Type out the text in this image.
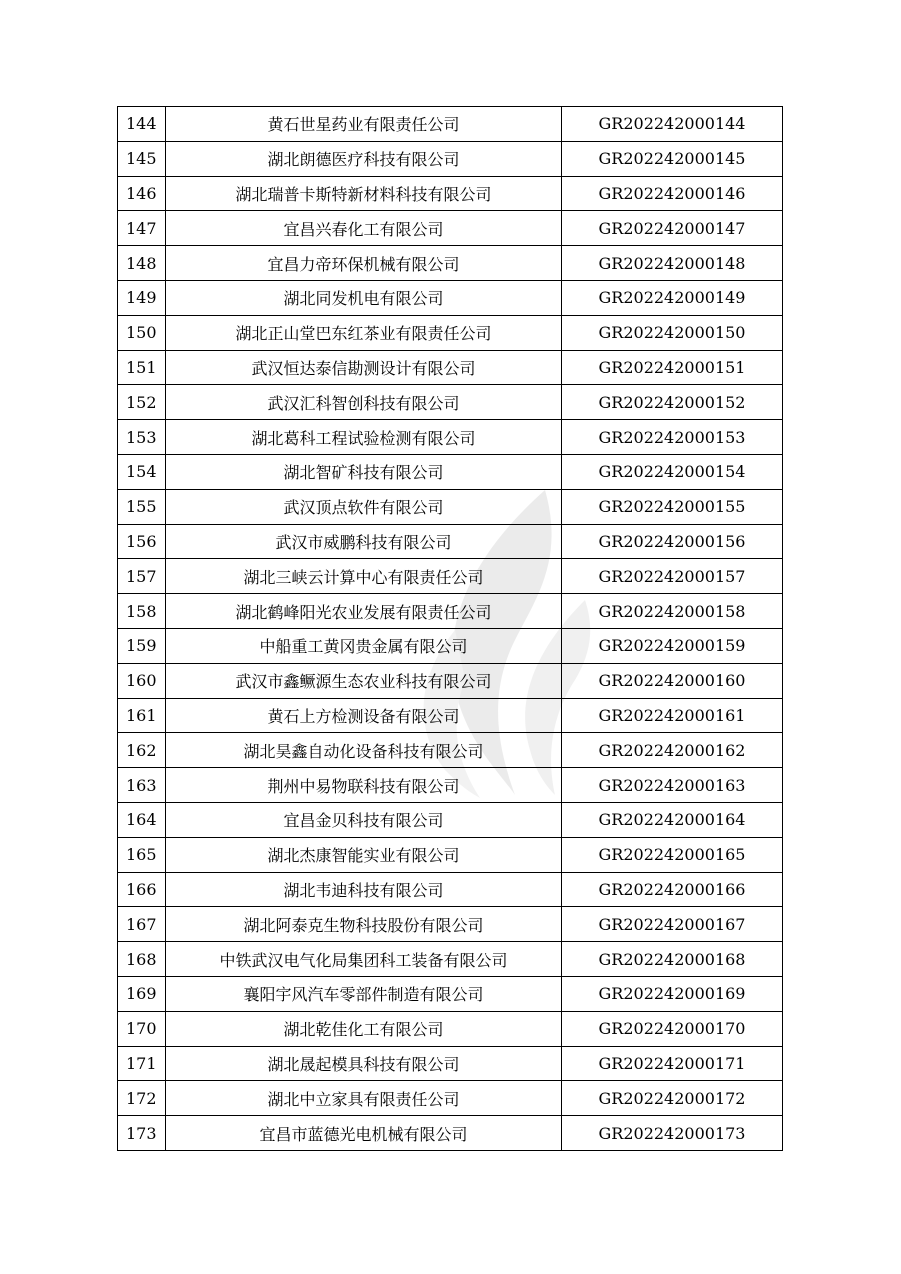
144	黄石世星药业有限责任公司	GR202242000144
145	湖北朗德医疗科技有限公司	GR202242000145
146	湖北瑞普卡斯特新材料科技有限公司	GR202242000146
147	宜昌兴春化工有限公司	GR202242000147
148	宜昌力帝环保机械有限公司	GR202242000148
149	湖北同发机电有限公司	GR202242000149
150	湖北正山堂巴东红茶业有限责任公司	GR202242000150
151	武汉恒达泰信勘测设计有限公司	GR202242000151
152	武汉汇科智创科技有限公司	GR202242000152
153	湖北葛科工程试验检测有限公司	GR202242000153
154	湖北智矿科技有限公司	GR202242000154
155	武汉顶点软件有限公司	GR202242000155
156	武汉市威鹏科技有限公司	GR202242000156
157	湖北三峡云计算中心有限责任公司	GR202242000157
158	湖北鹤峰阳光农业发展有限责任公司	GR202242000158
159	中船重工黄冈贵金属有限公司	GR202242000159
160	武汉市鑫鳜源生态农业科技有限公司	GR202242000160
161	黄石上方检测设备有限公司	GR202242000161
162	湖北昊鑫自动化设备科技有限公司	GR202242000162
163	荆州中易物联科技有限公司	GR202242000163
164	宜昌金贝科技有限公司	GR202242000164
165	湖北杰康智能实业有限公司	GR202242000165
166	湖北韦迪科技有限公司	GR202242000166
167	湖北阿泰克生物科技股份有限公司	GR202242000167
168	中铁武汉电气化局集团科工装备有限公司	GR202242000168
169	襄阳宇风汽车零部件制造有限公司	GR202242000169
170	湖北乾佳化工有限公司	GR202242000170
171	湖北晟起模具科技有限公司	GR202242000171
172	湖北中立家具有限责任公司	GR202242000172
173	宜昌市蓝德光电机械有限公司	GR202242000173
